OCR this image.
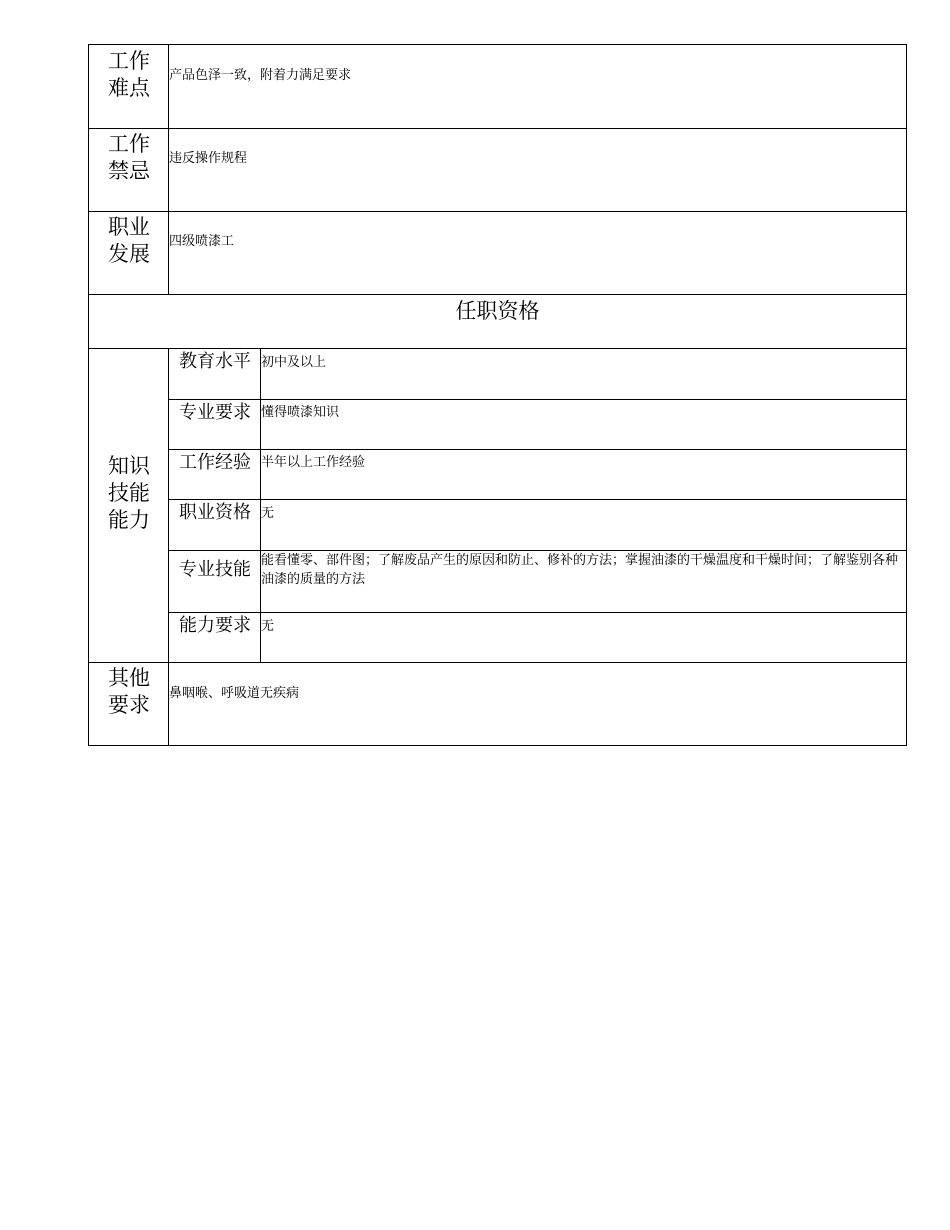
工作
难点
产品色泽一致，附着力满足要求
工作
禁忌
违反操作规程
职业
发展
四级喷漆工
任职资格
知识
技能
能力
教育水平 初中及以上
专业要求 懂得喷漆知识
工作经验 半年以上工作经验
职业资格 无
专业技能 能看懂零、部件图；了解废品产生的原因和防止、修补的方法；掌握油漆的干燥温度和干燥时间；了解鉴别各种油漆的质量的方法
能力要求 无
其他
要求	鼻咽喉、呼吸道无疾病
